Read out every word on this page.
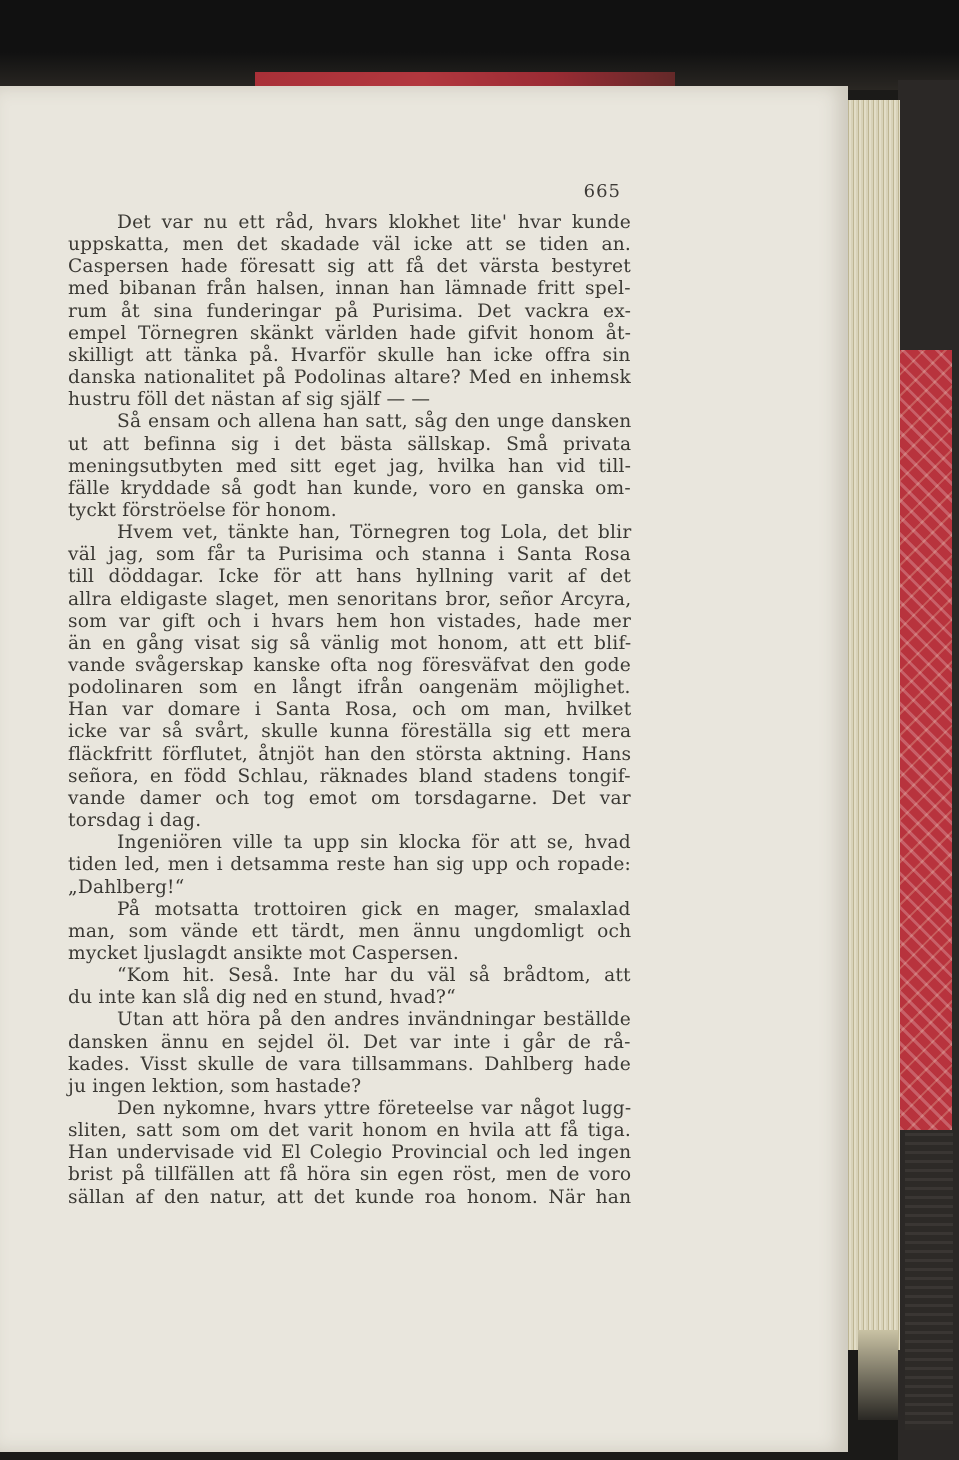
665
Det var nu ett råd, hvars klokhet lite' hvar kunde
uppskatta, men det skadade väl icke att se tiden an.
Caspersen hade föresatt sig att få det värsta bestyret
med bibanan från halsen, innan han lämnade fritt spel-
rum åt sina funderingar på Purisima. Det vackra ex-
empel Törnegren skänkt världen hade gifvit honom åt-
skilligt att tänka på. Hvarför skulle han icke offra sin
danska nationalitet på Podolinas altare? Med en inhemsk
hustru föll det nästan af sig själf — —
Så ensam och allena han satt, såg den unge dansken
ut att befinna sig i det bästa sällskap. Små privata
meningsutbyten med sitt eget jag, hvilka han vid till-
fälle kryddade så godt han kunde, voro en ganska om-
tyckt förströelse för honom.
Hvem vet, tänkte han, Törnegren tog Lola, det blir
väl jag, som får ta Purisima och stanna i Santa Rosa
till döddagar. Icke för att hans hyllning varit af det
allra eldigaste slaget, men senoritans bror, señor Arcyra,
som var gift och i hvars hem hon vistades, hade mer
än en gång visat sig så vänlig mot honom, att ett blif-
vande svågerskap kanske ofta nog föresväfvat den gode
podolinaren som en långt ifrån oangenäm möjlighet.
Han var domare i Santa Rosa, och om man, hvilket
icke var så svårt, skulle kunna föreställa sig ett mera
fläckfritt förflutet, åtnjöt han den största aktning. Hans
señora, en född Schlau, räknades bland stadens tongif-
vande damer och tog emot om torsdagarne. Det var
torsdag i dag.
Ingeniören ville ta upp sin klocka för att se, hvad
tiden led, men i detsamma reste han sig upp och ropade:
„Dahlberg!“
På motsatta trottoiren gick en mager, smalaxlad
man, som vände ett tärdt, men ännu ungdomligt och
mycket ljuslagdt ansikte mot Caspersen.
“Kom hit. Seså. Inte har du väl så brådtom, att
du inte kan slå dig ned en stund, hvad?“
Utan att höra på den andres invändningar beställde
dansken ännu en sejdel öl. Det var inte i går de rå-
kades. Visst skulle de vara tillsammans. Dahlberg hade
ju ingen lektion, som hastade?
Den nykomne, hvars yttre företeelse var något lugg-
sliten, satt som om det varit honom en hvila att få tiga.
Han undervisade vid El Colegio Provincial och led ingen
brist på tillfällen att få höra sin egen röst, men de voro
sällan af den natur, att det kunde roa honom. När han
